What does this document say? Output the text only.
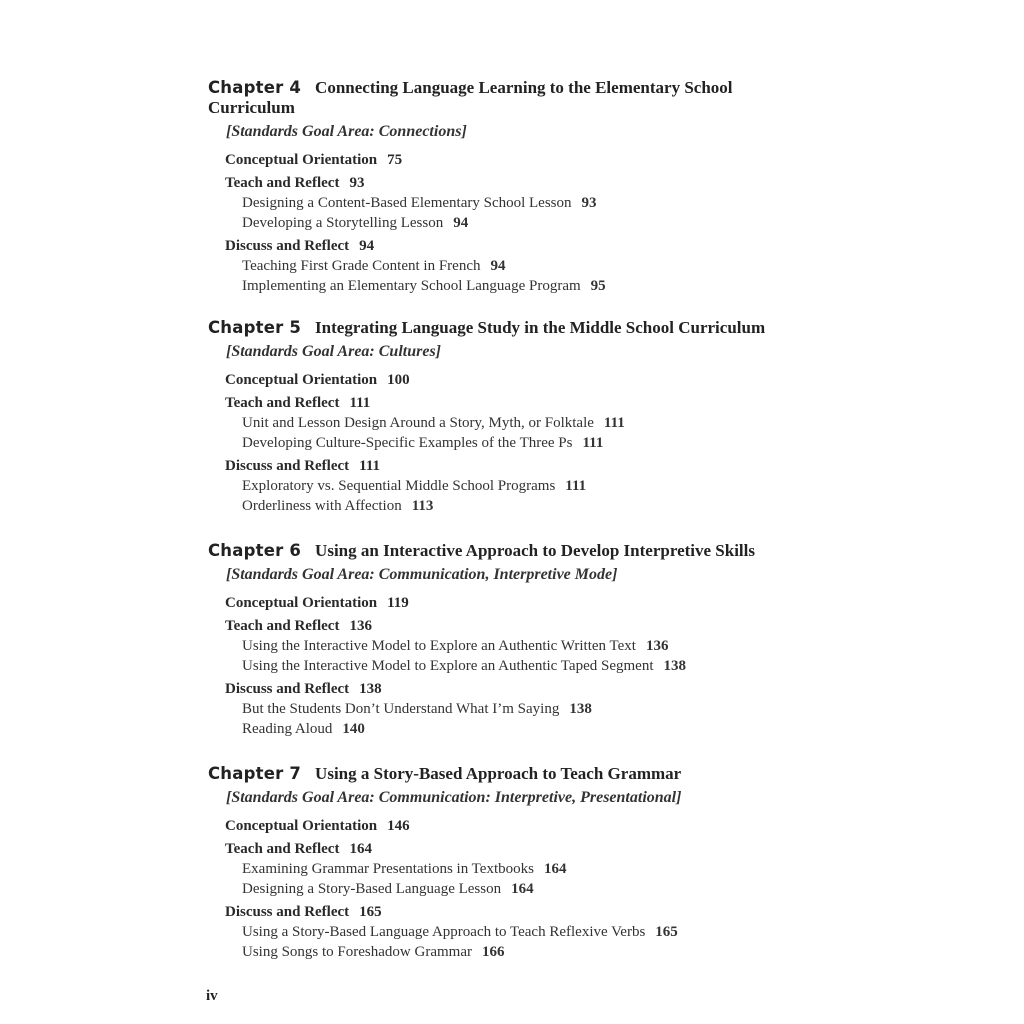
Chapter 4 Connecting Language Learning to the Elementary School Curriculum
[Standards Goal Area: Connections]
Conceptual Orientation 75
Teach and Reflect 93
Designing a Content-Based Elementary School Lesson 93
Developing a Storytelling Lesson 94
Discuss and Reflect 94
Teaching First Grade Content in French 94
Implementing an Elementary School Language Program 95
Chapter 5 Integrating Language Study in the Middle School Curriculum
[Standards Goal Area: Cultures]
Conceptual Orientation 100
Teach and Reflect 111
Unit and Lesson Design Around a Story, Myth, or Folktale 111
Developing Culture-Specific Examples of the Three Ps 111
Discuss and Reflect 111
Exploratory vs. Sequential Middle School Programs 111
Orderliness with Affection 113
Chapter 6 Using an Interactive Approach to Develop Interpretive Skills
[Standards Goal Area: Communication, Interpretive Mode]
Conceptual Orientation 119
Teach and Reflect 136
Using the Interactive Model to Explore an Authentic Written Text 136
Using the Interactive Model to Explore an Authentic Taped Segment 138
Discuss and Reflect 138
But the Students Don’t Understand What I’m Saying 138
Reading Aloud 140
Chapter 7 Using a Story-Based Approach to Teach Grammar
[Standards Goal Area: Communication: Interpretive, Presentational]
Conceptual Orientation 146
Teach and Reflect 164
Examining Grammar Presentations in Textbooks 164
Designing a Story-Based Language Lesson 164
Discuss and Reflect 165
Using a Story-Based Language Approach to Teach Reflexive Verbs 165
Using Songs to Foreshadow Grammar 166
iv
